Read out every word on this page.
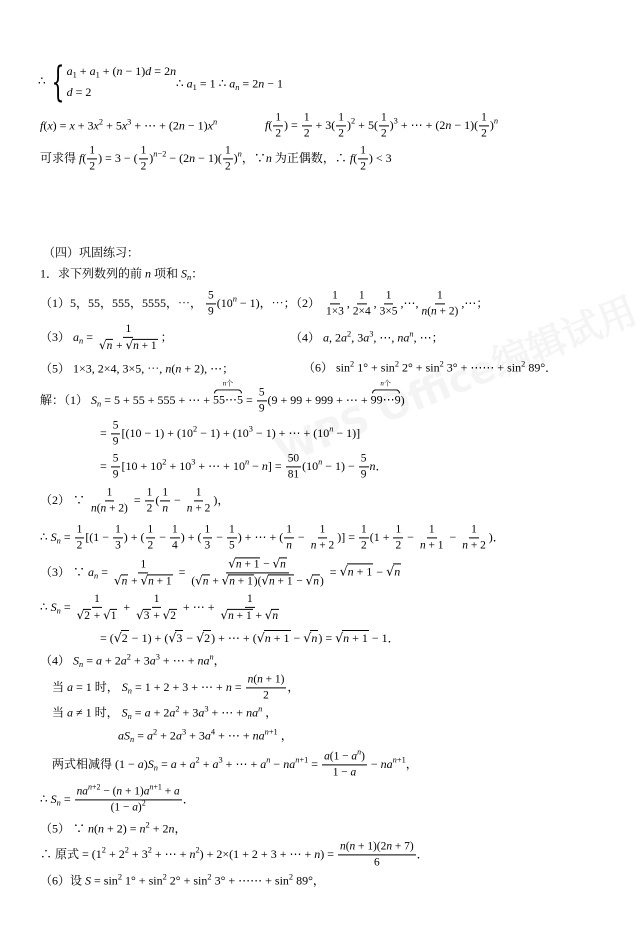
∴ { $a_1 + a_1 + (n - 1)d = 2n$
d = 2
∴ $a_1 = 1$ ∴ $a_n = 2n - 1$
$f(x) = x + 3x^2 + 5x^3$ + ⋯ + $(2n - 1)x^n$	$f( \frac{1}{2}$ ) = $\frac{1}{2} + 3( \frac{1}{2} )^2 + 5( \frac{1}{2} )^3$ + ⋯ + $(2n - 1)( \frac{1}{2} )^n$
可求得 $f( \frac{1}{2}$ ) = 3 − ( $\frac{1}{2} )^{n-2} - (2n - 1)( \frac{1}{2} )^n$，∵n 为正偶数，∴ $f( \frac{1}{2}$ ) < 3
（四）巩固练习：
1．求下列数列的前 n 项和 $S_n$：
（1）5，55，555，5555，⋯， $\frac{5}{9} (10^n - 1)$，⋯；
$(2) \frac{1}{1\times 3}$ , $\frac{1}{2\times 4}$ , $\frac{1}{3\times 5}$ ,⋯, $\frac{1}{n(n + 2)}$ ,⋯；
（3） $a_n = \frac{1}{√n + √n + 1}$ ；	（4） a, $2a^2$, $3a^3$, ⋯, $na^n$, ⋯；
（5） 1×3, 2×4, 3×5, ⋯, n(n + 2), ⋯；	（6） $\sin^2 1^\circ + \sin^2 2^\circ + \sin^2 3^\circ$ + ⋯⋯ + $\sin^2 89^\circ$．
解：（1） $S_n = 5 + 55 + 555$ + ⋯ + 55⋯5
n个
= $\frac{5}{9} (9 + 99 + 999$ + ⋯ + 99⋯9
n个
)
= $\frac{5}{9} [(10 - 1) + (10^2 - 1) + (10^3 - 1)$ + ⋯ + $(10^n - 1)$]
= $\frac{5}{9} [10 + 10^2 + 10^3$ + ⋯ + $10^n - n] = \frac{50}{81} (10^n - 1) - \frac{5}{9}$ n．
（2） ∵ $\frac{1}{n(n + 2)} = \frac{1}{2}$ ( $\frac{1}{n} - \frac{1}{n + 2}$ )，
∴ $S_n = \frac{1}{2} [(1 - \frac{1}{3}$ ) + ( $\frac{1}{2} - \frac{1}{4}$ ) + ( $\frac{1}{3} - \frac{1}{5}$ ) + ⋯ + ( $\frac{1}{n} - \frac{1}{n + 2}$ )] = $\frac{1}{2} (1 + \frac{1}{2} - \frac{1}{n + 1} - \frac{1}{n + 2}$ )．
（3） ∵ $a_n = \frac{1}{√n + √n + 1} = \frac{√n + 1 - √n}{(√n + √n + 1)(√n + 1 - √n)} = √n + 1 - √n$
∴ $S_n = \frac{1}{√2 + √1} + \frac{1}{√3 + √2}$ + ⋯ + $\frac{1}{√n + 1 + √n}$
= (√2 − 1) + (√3 − √2) + ⋯ + (√n + 1 − √n) = √n + 1 − 1．
（4） $S_n = a + 2a^2 + 3a^3$ + ⋯ + $na^n$，
当 a = 1 时， $S_n = 1 + 2 + 3$ + ⋯ + $n = \frac{n(n + 1)}{2}$ ，
当 a ≠ 1 时， $S_n = a + 2a^2 + 3a^3$ + ⋯ + $na^n$ ，
$aS_n = a^2 + 2a^3 + 3a^4$ + ⋯ + $na^{n+1}$ ，
两式相减得 $(1 - a)S_n = a + a^2 + a^3$ + ⋯ + $a^n - na^{n+1} = \frac{a(1 - a^n)}{1 - a} - na^{n+1}$，
∴ $S_n = \frac{na^{n+2} - (n + 1)a^{n+1} + a}{(1 - a)^2}$ ．
（5） ∵ $n(n + 2) = n^2 + 2n$，
∴ 原式 = ($1^2 + 2^2 + 3^2$ + ⋯ + $n^2) + 2\times(1 + 2 + 3$ + ⋯ + $n) = \frac{n(n + 1)(2n + 7)}{6}$ ．
（6）设 $S = \sin^2 1^\circ + \sin^2 2^\circ + \sin^2 3^\circ$ + ⋯⋯ + $\sin^2 89^\circ$，
